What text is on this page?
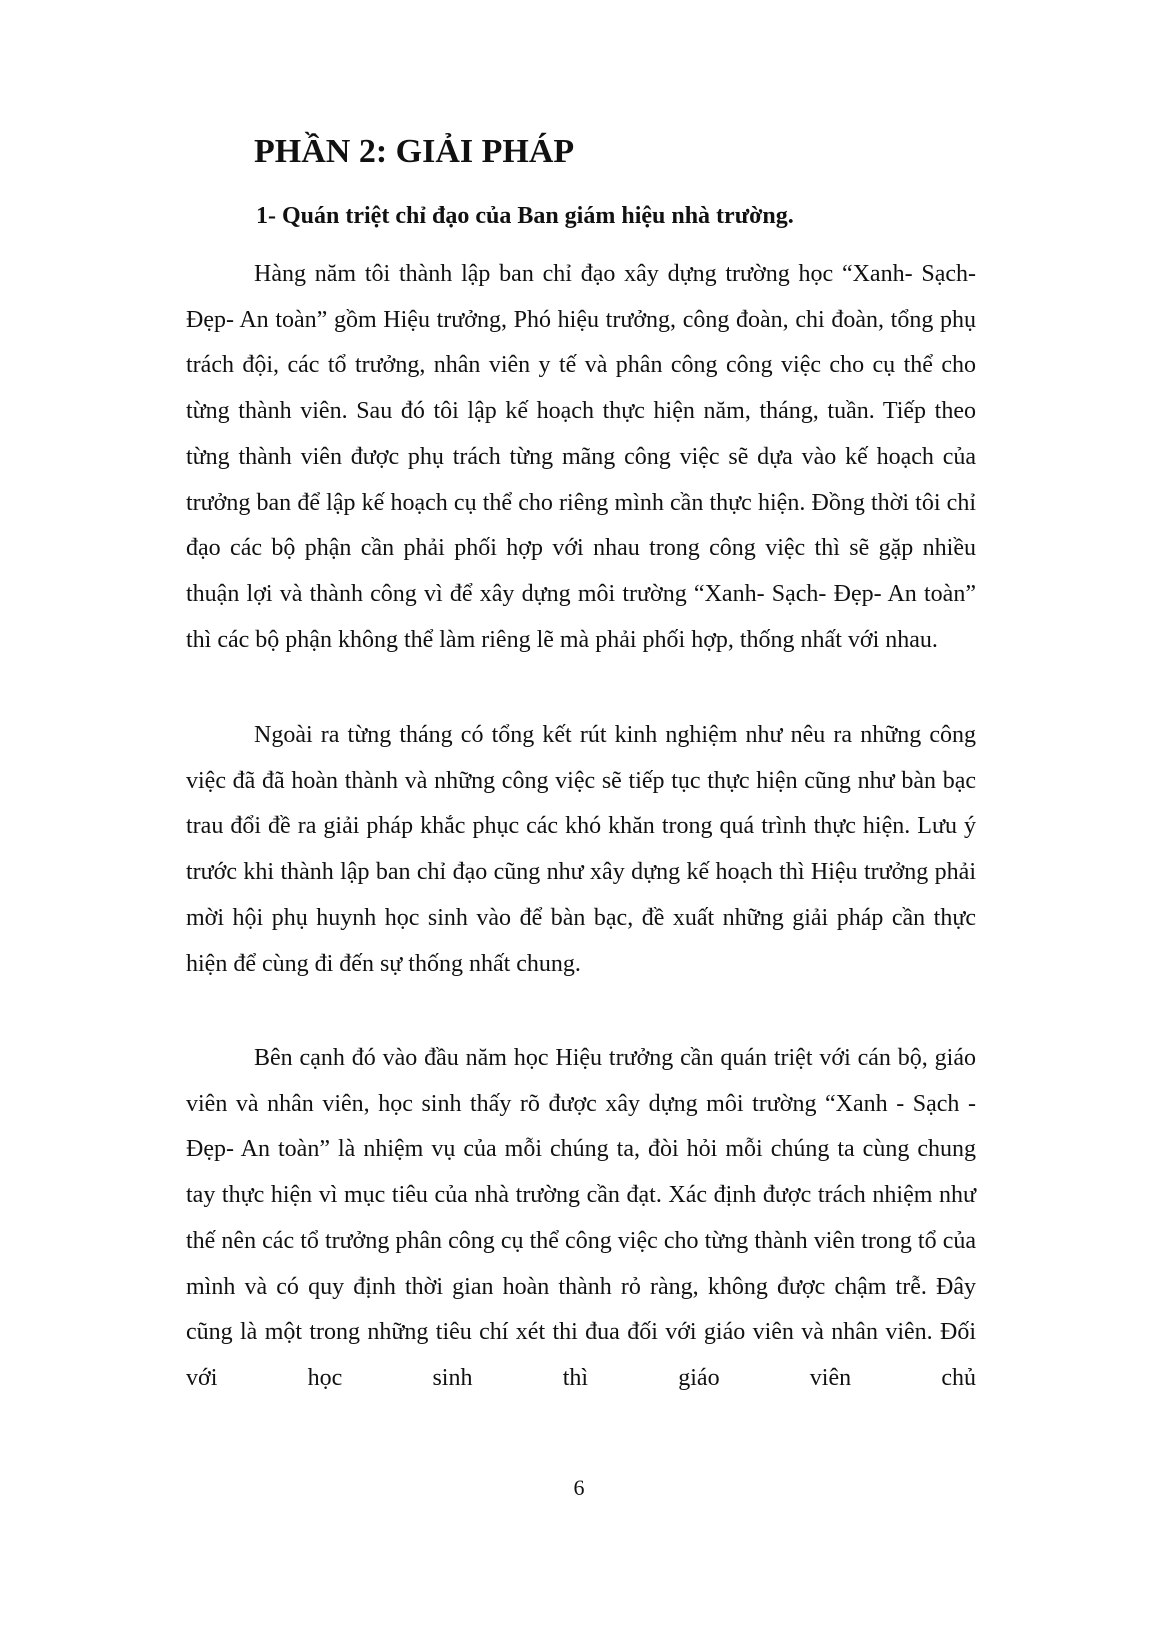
PHẦN 2: GIẢI PHÁP
1- Quán triệt chỉ đạo của Ban giám hiệu nhà trường.

Hàng năm tôi thành lập ban chỉ đạo xây dựng trường học “Xanh- Sạch- Đẹp- An toàn” gồm Hiệu trưởng, Phó hiệu trưởng, công đoàn, chi đoàn, tổng phụ trách đội, các tổ trưởng, nhân viên y tế và phân công công việc cho cụ thể cho từng thành viên. Sau đó tôi lập kế hoạch thực hiện năm, tháng, tuần. Tiếp theo từng thành viên được phụ trách từng mãng công việc sẽ dựa vào kế hoạch của trưởng ban để lập kế hoạch cụ thể cho riêng mình cần thực hiện. Đồng thời tôi chỉ đạo các bộ phận cần phải phối hợp với nhau trong công việc thì sẽ gặp nhiều thuận lợi và thành công vì để xây dựng môi trường “Xanh- Sạch- Đẹp- An toàn” thì các bộ phận không thể làm riêng lẽ mà phải phối hợp, thống nhất với nhau.

Ngoài ra từng tháng có tổng kết rút kinh nghiệm như nêu ra những công việc đã đã hoàn thành và những công việc sẽ tiếp tục thực hiện cũng như bàn bạc trau đổi đề ra giải pháp khắc phục các khó khăn trong quá trình thực hiện. Lưu ý trước khi thành lập ban chỉ đạo cũng như xây dựng kế hoạch thì Hiệu trưởng phải mời hội phụ huynh học sinh vào để bàn bạc, đề xuất những giải pháp cần thực hiện để cùng đi đến sự thống nhất chung.

Bên cạnh đó vào đầu năm học Hiệu trưởng cần quán triệt với cán bộ, giáo viên và nhân viên, học sinh thấy rõ được xây dựng môi trường “Xanh - Sạch - Đẹp- An toàn” là nhiệm vụ của mỗi chúng ta, đòi hỏi mỗi chúng ta cùng chung tay thực hiện vì mục tiêu của nhà trường cần đạt. Xác định được trách nhiệm như thế nên các tổ trưởng phân công cụ thể công việc cho từng thành viên trong tổ của mình và có quy định thời gian hoàn thành rỏ ràng, không được chậm trễ. Đây cũng là một trong những tiêu chí xét thi đua đối với giáo viên và nhân viên. Đối với học sinh thì giáo viên chủ

6
